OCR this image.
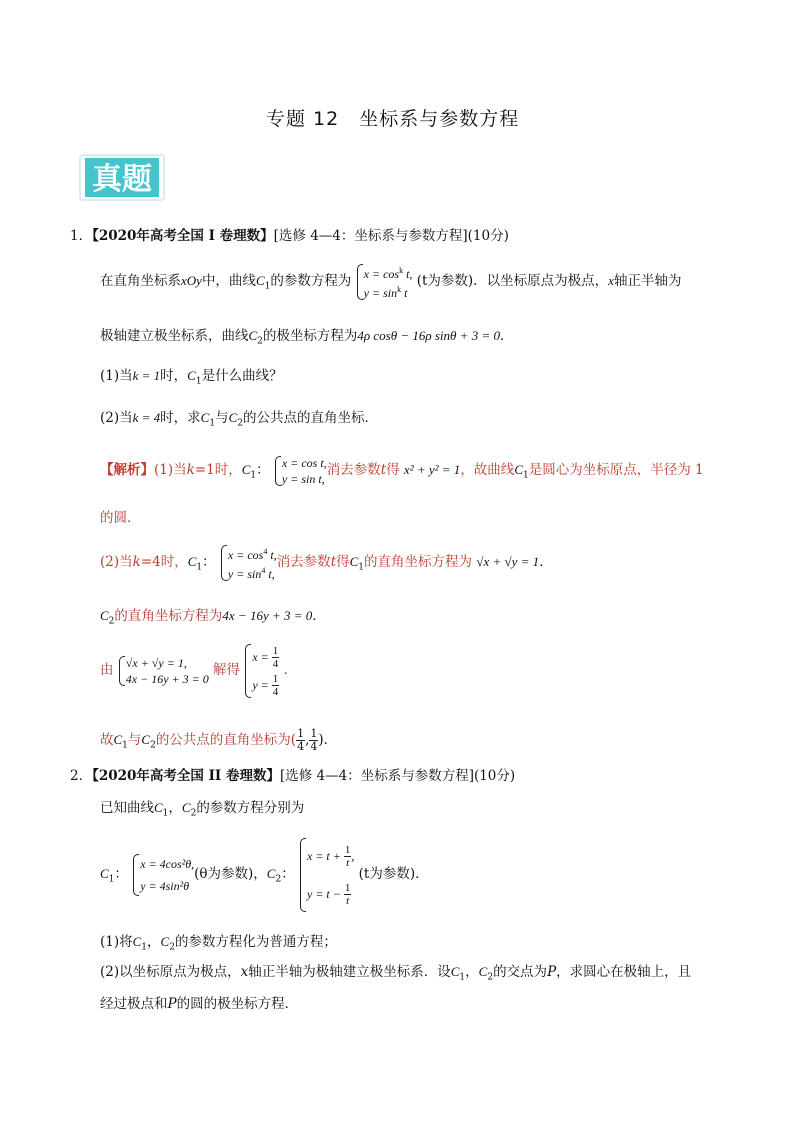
专题 12　坐标系与参数方程
真题
1．【2020年高考全国 I 卷理数】[选修 4—4：坐标系与参数方程](10分)
在直角坐标系xOy中，曲线$C_1$的参数方程为 $x = \cos^k t$,
$y = \sin^k t$
(t为参数)．以坐标原点为极点，x轴正半轴为
极轴建立极坐标系，曲线$C_2$的极坐标方程为4ρ cosθ − 16ρ sinθ + 3 = 0．
(1)当k = 1时，$C_1$是什么曲线？
(2)当k = 4时，求$C_1$与$C_2$的公共点的直角坐标．
【解析】(1)当k=1时，$C_1$： x = cos t,
y = sin t,
消去参数t得 x² + y² = 1，故曲线$C_1$是圆心为坐标原点，半径为 1
的圆．
(2)当k=4时，$C_1$： $x = \cos^4 t$,
$y = \sin^4 t$,
消去参数t得$C_1$的直角坐标方程为 √x + √y = 1．
$C_2$的直角坐标方程为4x − 16y + 3 = 0．
由 √x + √y = 1,
4x − 16y + 3 = 0
解得
$x = \frac{1}{4}$
$y = \frac{1}{4}$
．
故$C_1$与$C_2$的公共点的直角坐标为( $\frac{1}{4}$ , $\frac{1}{4}$ )．
2．【2020年高考全国 II 卷理数】[选修 4—4：坐标系与参数方程](10分)
已知曲线$C_1$，$C_2$的参数方程分别为
$C_1$：
x = 4cos²θ,
y = 4sin²θ
(θ为参数)，$C_2$：
$x = t + \frac{1}{t}$ ,
$y = t - \frac{1}{t}$
(t为参数)．
(1)将$C_1$，$C_2$的参数方程化为普通方程；
(2)以坐标原点为极点，x轴正半轴为极轴建立极坐标系．设$C_1$，$C_2$的交点为P，求圆心在极轴上，且
经过极点和P的圆的极坐标方程．
